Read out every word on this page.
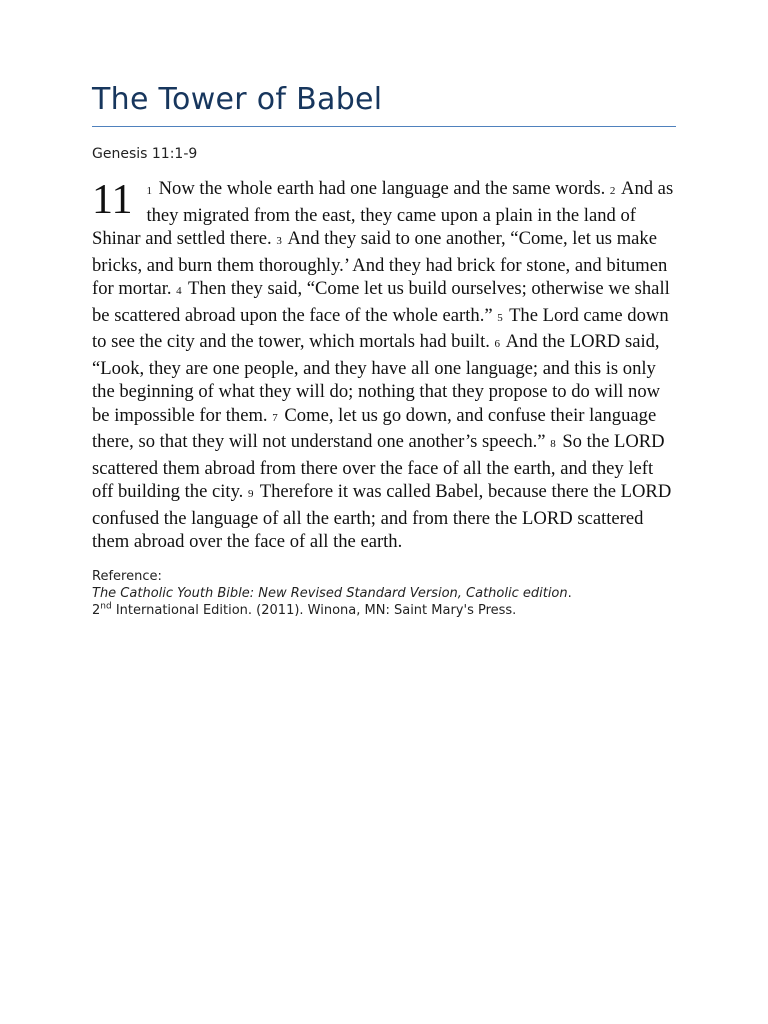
The Tower of Babel
Genesis 11:1-9
11 1 Now the whole earth had one language and the same words. 2 And as they migrated from the east, they came upon a plain in the land of Shinar and settled there. 3 And they said to one another, “Come, let us make bricks, and burn them thoroughly.’ And they had brick for stone, and bitumen for mortar. 4 Then they said, “Come let us build ourselves; otherwise we shall be scattered abroad upon the face of the whole earth.” 5 The Lord came down to see the city and the tower, which mortals had built. 6 And the LORD said, “Look, they are one people, and they have all one language; and this is only the beginning of what they will do; nothing that they propose to do will now be impossible for them. 7 Come, let us go down, and confuse their language there, so that they will not understand one another’s speech.” 8 So the LORD scattered them abroad from there over the face of all the earth, and they left off building the city. 9 Therefore it was called Babel, because there the LORD confused the language of all the earth; and from there the LORD scattered them abroad over the face of all the earth.
Reference:
The Catholic Youth Bible: New Revised Standard Version, Catholic edition.
2nd International Edition. (2011). Winona, MN: Saint Mary's Press.
